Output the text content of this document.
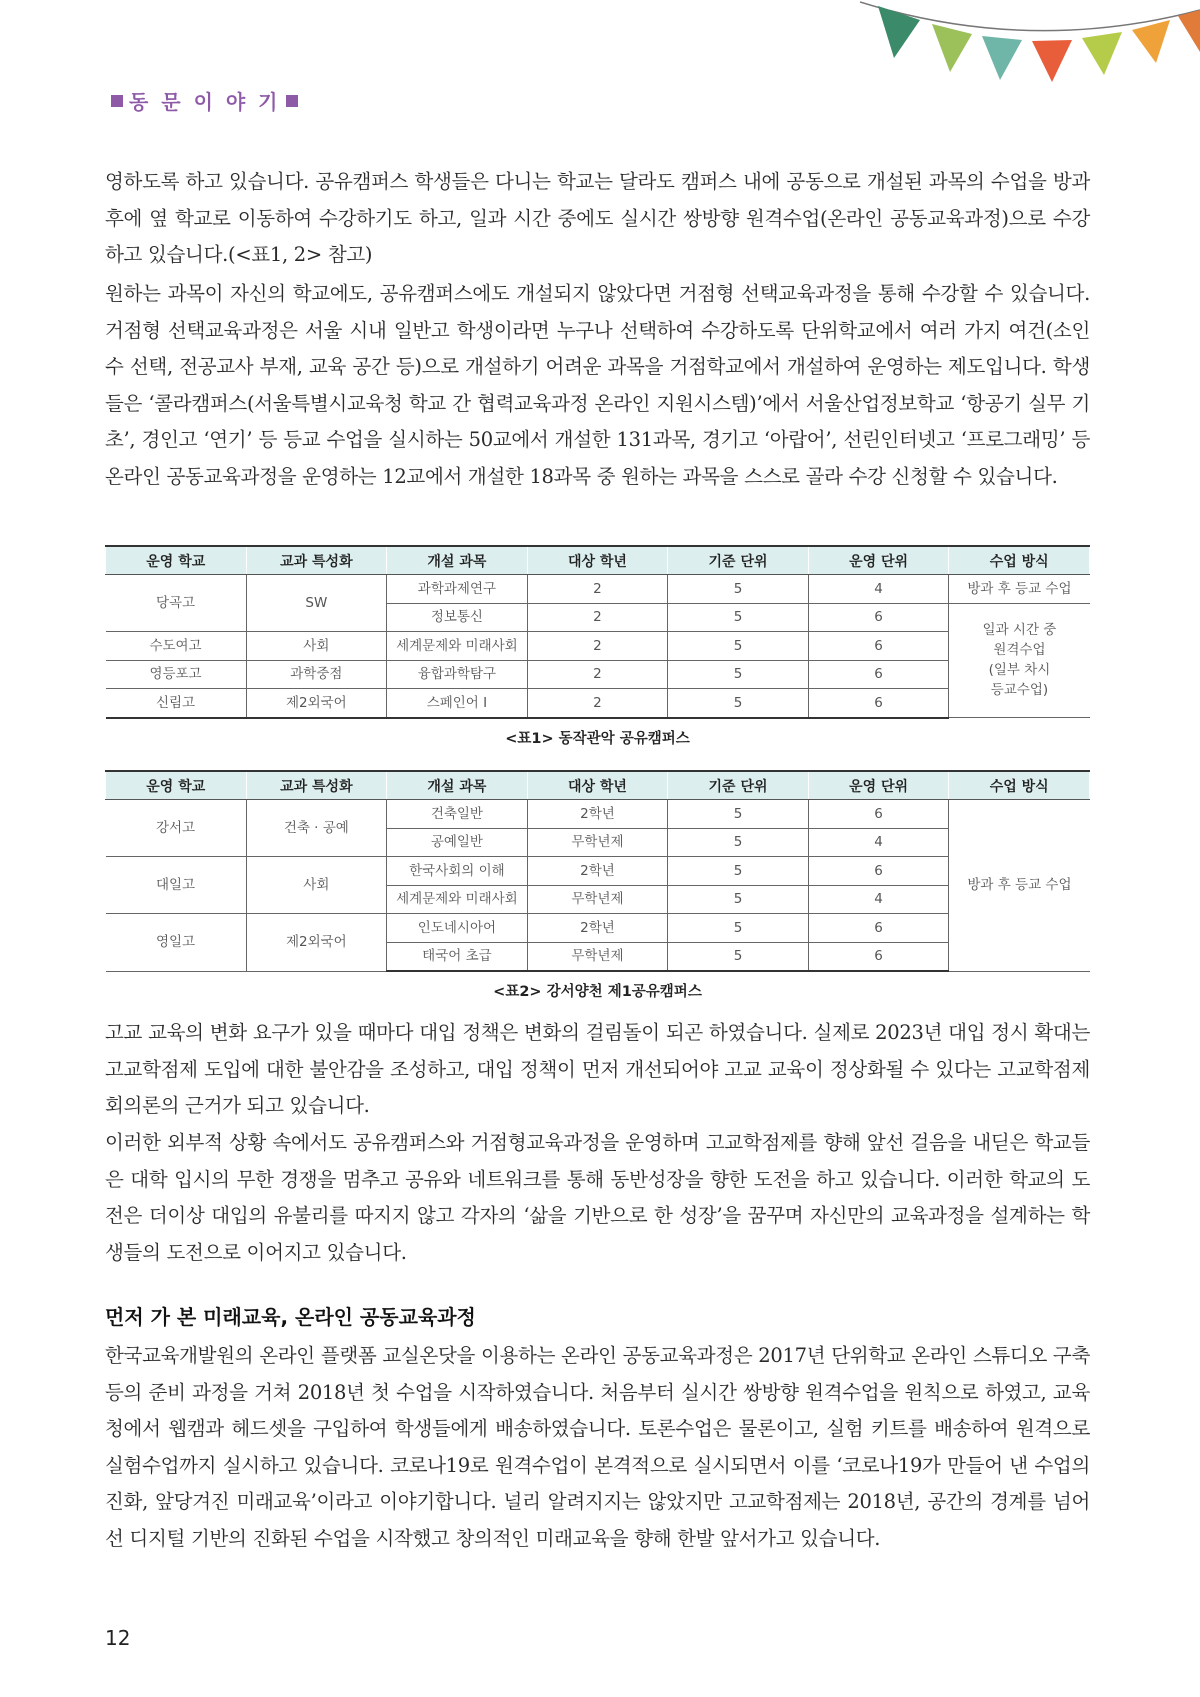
동 문 이 야 기

영하도록 하고 있습니다. 공유캠퍼스 학생들은 다니는 학교는 달라도 캠퍼스 내에 공동으로 개설된 과목의 수업을 방과 후에 옆 학교로 이동하여 수강하기도 하고, 일과 시간 중에도 실시간 쌍방향 원격수업(온라인 공동교육과정)으로 수강하고 있습니다.(<표1, 2> 참고)

원하는 과목이 자신의 학교에도, 공유캠퍼스에도 개설되지 않았다면 거점형 선택교육과정을 통해 수강할 수 있습니다. 거점형 선택교육과정은 서울 시내 일반고 학생이라면 누구나 선택하여 수강하도록 단위학교에서 여러 가지 여건(소인수 선택, 전공교사 부재, 교육 공간 등)으로 개설하기 어려운 과목을 거점학교에서 개설하여 운영하는 제도입니다. 학생들은 ‘콜라캠퍼스(서울특별시교육청 학교 간 협력교육과정 온라인 지원시스템)’에서 서울산업정보학교 ‘항공기 실무 기초’, 경인고 ‘연기’ 등 등교 수업을 실시하는 50교에서 개설한 131과목, 경기고 ‘아랍어’, 선린인터넷고 ‘프로그래밍’ 등 온라인 공동교육과정을 운영하는 12교에서 개설한 18과목 중 원하는 과목을 스스로 골라 수강 신청할 수 있습니다.

운영 학교	교과 특성화	개설 과목	대상 학년	기준 단위	운영 단위	수업 방식
당곡고	SW	과학과제연구	2	5	4	방과 후 등교 수업
		정보통신	2	5	6	일과 시간 중
원격수업
(일부 차시
등교수업)
수도여고	사회	세계문제와 미래사회	2	5	6	
영등포고	과학중점	융합과학탐구	2	5	6	
신림고	제2외국어	스페인어 I	2	5	6	
<표1> 동작관악 공유캠퍼스
운영 학교	교과 특성화	개설 과목	대상 학년	기준 단위	운영 단위	수업 방식
강서고	건축 · 공예	건축일반	2학년	5	6	방과 후 등교 수업
		공예일반	무학년제	5	4	
대일고	사회	한국사회의 이해	2학년	5	6	
		세계문제와 미래사회	무학년제	5	4	
영일고	제2외국어	인도네시아어	2학년	5	6	
		태국어 초급	무학년제	5	6	
<표2> 강서양천 제1공유캠퍼스

고교 교육의 변화 요구가 있을 때마다 대입 정책은 변화의 걸림돌이 되곤 하였습니다. 실제로 2023년 대입 정시 확대는 고교학점제 도입에 대한 불안감을 조성하고, 대입 정책이 먼저 개선되어야 고교 교육이 정상화될 수 있다는 고교학점제 회의론의 근거가 되고 있습니다.

이러한 외부적 상황 속에서도 공유캠퍼스와 거점형교육과정을 운영하며 고교학점제를 향해 앞선 걸음을 내딛은 학교들은 대학 입시의 무한 경쟁을 멈추고 공유와 네트워크를 통해 동반성장을 향한 도전을 하고 있습니다. 이러한 학교의 도전은 더이상 대입의 유불리를 따지지 않고 각자의 ‘삶을 기반으로 한 성장’을 꿈꾸며 자신만의 교육과정을 설계하는 학생들의 도전으로 이어지고 있습니다.

먼저 가 본 미래교육, 온라인 공동교육과정

한국교육개발원의 온라인 플랫폼 교실온닷을 이용하는 온라인 공동교육과정은 2017년 단위학교 온라인 스튜디오 구축 등의 준비 과정을 거쳐 2018년 첫 수업을 시작하였습니다. 처음부터 실시간 쌍방향 원격수업을 원칙으로 하였고, 교육청에서 웹캠과 헤드셋을 구입하여 학생들에게 배송하였습니다. 토론수업은 물론이고, 실험 키트를 배송하여 원격으로 실험수업까지 실시하고 있습니다. 코로나19로 원격수업이 본격적으로 실시되면서 이를 ‘코로나19가 만들어 낸 수업의 진화, 앞당겨진 미래교육’이라고 이야기합니다. 널리 알려지지는 않았지만 고교학점제는 2018년, 공간의 경계를 넘어선 디지털 기반의 진화된 수업을 시작했고 창의적인 미래교육을 향해 한발 앞서가고 있습니다.

12
